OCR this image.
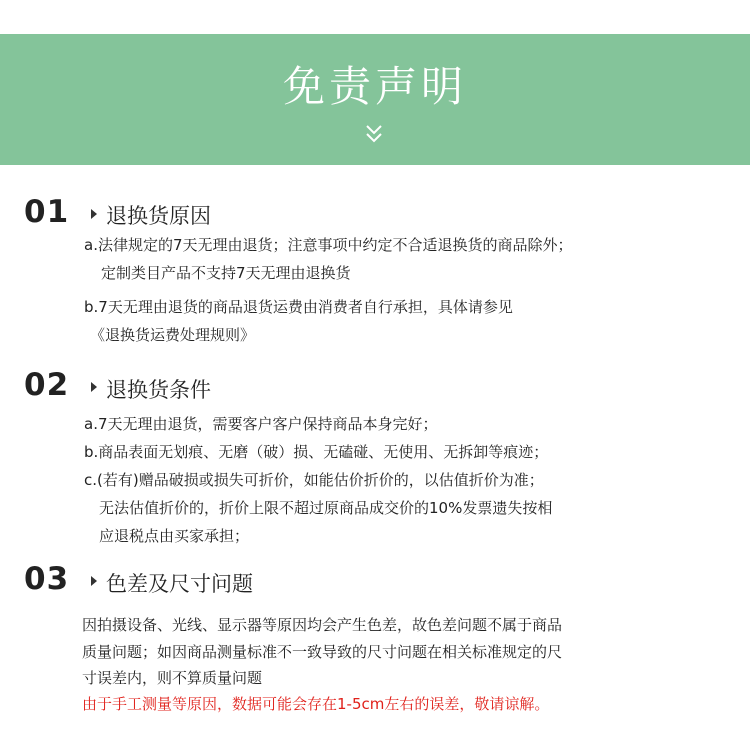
免责声明
01 退换货原因
a.法律规定的7天无理由退货；注意事项中约定不合适退换货的商品除外；
定制类目产品不支持7天无理由退换货
b.7天无理由退货的商品退货运费由消费者自行承担，具体请参见
《退换货运费处理规则》
02 退换货条件
a.7天无理由退货，需要客户客户保持商品本身完好；
b.商品表面无划痕、无磨（破）损、无磕碰、无使用、无拆卸等痕迹；
c.(若有)赠品破损或损失可折价，如能估价折价的，以估值折价为准；
无法估值折价的，折价上限不超过原商品成交价的10%发票遗失按相
应退税点由买家承担；
03 色差及尺寸问题
因拍摄设备、光线、显示器等原因均会产生色差，故色差问题不属于商品
质量问题；如因商品测量标准不一致导致的尺寸问题在相关标准规定的尺
寸误差内，则不算质量问题
由于手工测量等原因，数据可能会存在1-5cm左右的误差，敬请谅解。
